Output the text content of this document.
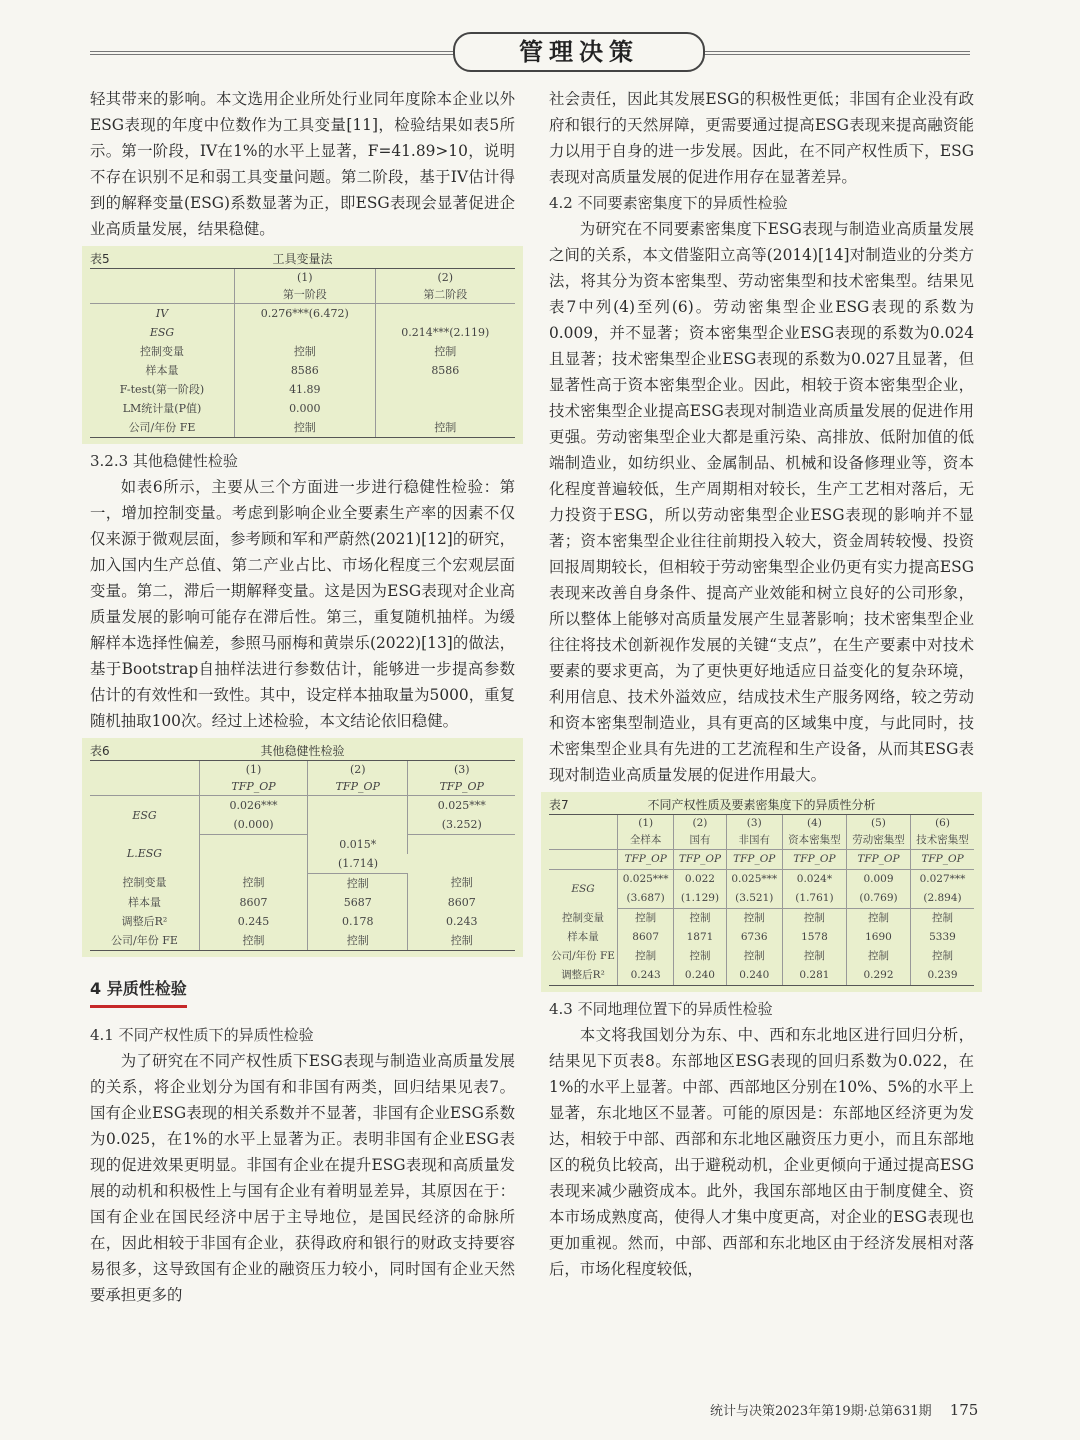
管理决策

轻其带来的影响。本文选用企业所处行业同年度除本企业以外ESG表现的年度中位数作为工具变量[11]，检验结果如表5所示。第一阶段，IV在1%的水平上显著，F=41.89>10，说明不存在识别不足和弱工具变量问题。第二阶段，基于IV估计得到的解释变量(ESG)系数显著为正，即ESG表现会显著促进企业高质量发展，结果稳健。

表5	工具变量法
	(1)	(2)
	第一阶段	第二阶段
IV	0.276***(6.472)	
ESG		0.214***(2.119)
控制变量	控制	控制
样本量	8586	8586
F-test(第一阶段)	41.89	
LM统计量(P值)	0.000	
公司/年份 FE	控制	控制
3.2.3 其他稳健性检验

如表6所示，主要从三个方面进一步进行稳健性检验：第一，增加控制变量。考虑到影响企业全要素生产率的因素不仅仅来源于微观层面，参考顾和军和严蔚然(2021)[12]的研究，加入国内生产总值、第二产业占比、市场化程度三个宏观层面变量。第二，滞后一期解释变量。这是因为ESG表现对企业高质量发展的影响可能存在滞后性。第三，重复随机抽样。为缓解样本选择性偏差，参照马丽梅和黄崇乐(2022)[13]的做法，基于Bootstrap自抽样法进行参数估计，能够进一步提高参数估计的有效性和一致性。其中，设定样本抽取量为5000，重复随机抽取100次。经过上述检验，本文结论依旧稳健。

表6	其他稳健性检验
	(1)	(2)	(3)
	TFP_OP	TFP_OP	TFP_OP
ESG	0.026***		0.025***
	(0.000)		(3.252)
L.ESG		0.015*	
		(1.714)	
控制变量	控制	控制	控制
样本量	8607	5687	8607
调整后R²	0.245	0.178	0.243
公司/年份 FE	控制	控制	控制
4 异质性检验
4.1 不同产权性质下的异质性检验

为了研究在不同产权性质下ESG表现与制造业高质量发展的关系，将企业划分为国有和非国有两类，回归结果见表7。国有企业ESG表现的相关系数并不显著，非国有企业ESG系数为0.025，在1%的水平上显著为正。表明非国有企业ESG表现的促进效果更明显。非国有企业在提升ESG表现和高质量发展的动机和积极性上与国有企业有着明显差异，其原因在于：国有企业在国民经济中居于主导地位，是国民经济的命脉所在，因此相较于非国有企业，获得政府和银行的财政支持要容易很多，这导致国有企业的融资压力较小，同时国有企业天然要承担更多的

社会责任，因此其发展ESG的积极性更低；非国有企业没有政府和银行的天然屏障，更需要通过提高ESG表现来提高融资能力以用于自身的进一步发展。因此，在不同产权性质下，ESG表现对高质量发展的促进作用存在显著差异。

4.2 不同要素密集度下的异质性检验

为研究在不同要素密集度下ESG表现与制造业高质量发展之间的关系，本文借鉴阳立高等(2014)[14]对制造业的分类方法，将其分为资本密集型、劳动密集型和技术密集型。结果见表7中列(4)至列(6)。劳动密集型企业ESG表现的系数为0.009，并不显著；资本密集型企业ESG表现的系数为0.024且显著；技术密集型企业ESG表现的系数为0.027且显著，但显著性高于资本密集型企业。因此，相较于资本密集型企业，技术密集型企业提高ESG表现对制造业高质量发展的促进作用更强。劳动密集型企业大都是重污染、高排放、低附加值的低端制造业，如纺织业、金属制品、机械和设备修理业等，资本化程度普遍较低，生产周期相对较长，生产工艺相对落后，无力投资于ESG，所以劳动密集型企业ESG表现的影响并不显著；资本密集型企业往往前期投入较大，资金周转较慢、投资回报周期较长，但相较于劳动密集型企业仍更有实力提高ESG表现来改善自身条件、提高产业效能和树立良好的公司形象，所以整体上能够对高质量发展产生显著影响；技术密集型企业往往将技术创新视作发展的关键“支点”，在生产要素中对技术要素的要求更高，为了更快更好地适应日益变化的复杂环境，利用信息、技术外溢效应，结成技术生产服务网络，较之劳动和资本密集型制造业，具有更高的区域集中度，与此同时，技术密集型企业具有先进的工艺流程和生产设备，从而其ESG表现对制造业高质量发展的促进作用最大。

表7	不同产权性质及要素密集度下的异质性分析
	(1)	(2)	(3)	(4)	(5)	(6)
	全样本	国有	非国有	资本密集型	劳动密集型	技术密集型
	TFP_OP	TFP_OP	TFP_OP	TFP_OP	TFP_OP	TFP_OP
ESG	0.025***	0.022	0.025***	0.024*	0.009	0.027***
	(3.687)	(1.129)	(3.521)	(1.761)	(0.769)	(2.894)
控制变量	控制	控制	控制	控制	控制	控制
样本量	8607	1871	6736	1578	1690	5339
公司/年份 FE	控制	控制	控制	控制	控制	控制
调整后R²	0.243	0.240	0.240	0.281	0.292	0.239
4.3 不同地理位置下的异质性检验

本文将我国划分为东、中、西和东北地区进行回归分析，结果见下页表8。东部地区ESG表现的回归系数为0.022，在1%的水平上显著。中部、西部地区分别在10%、5%的水平上显著，东北地区不显著。可能的原因是：东部地区经济更为发达，相较于中部、西部和东北地区融资压力更小，而且东部地区的税负比较高，出于避税动机，企业更倾向于通过提高ESG表现来减少融资成本。此外，我国东部地区由于制度健全、资本市场成熟度高，使得人才集中度更高，对企业的ESG表现也更加重视。然而，中部、西部和东北地区由于经济发展相对落后，市场化程度较低，

统计与决策2023年第19期·总第631期 175
